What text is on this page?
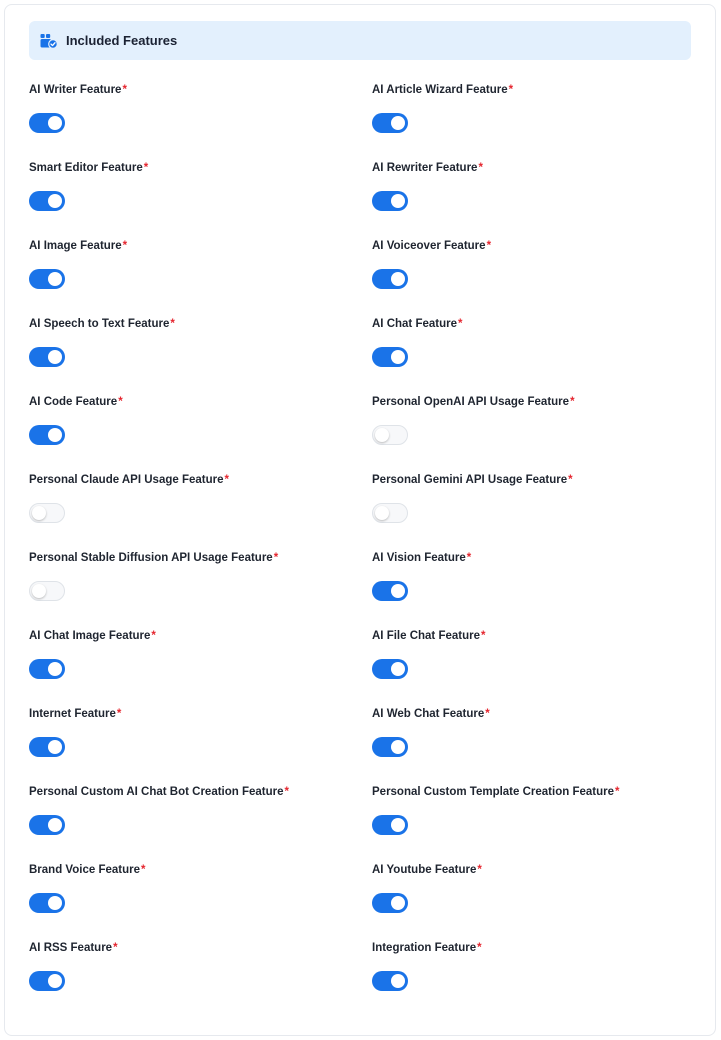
Included Features
AI Writer Feature*	AI Article Wizard Feature*
Smart Editor Feature*	AI Rewriter Feature*
AI Image Feature*	AI Voiceover Feature*
AI Speech to Text Feature*	AI Chat Feature*
AI Code Feature*	Personal OpenAI API Usage Feature*
Personal Claude API Usage Feature*	Personal Gemini API Usage Feature*
Personal Stable Diffusion API Usage Feature*	AI Vision Feature*
AI Chat Image Feature*	AI File Chat Feature*
Internet Feature*	AI Web Chat Feature*
Personal Custom AI Chat Bot Creation Feature*	Personal Custom Template Creation Feature*
Brand Voice Feature*	AI Youtube Feature*
AI RSS Feature*	Integration Feature*
